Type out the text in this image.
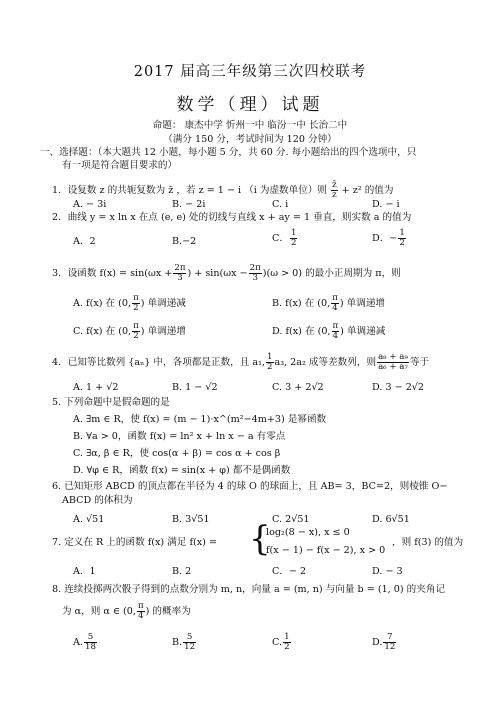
2017 届高三年级第三次四校联考
数学（理）试题
命题： 康杰中学 忻州一中 临汾一中 长治二中
（满分 150 分，考试时间为 120 分钟）
一、选择题：（本大题共 12 小题，每小题 5 分，共 60 分. 每小题给出的四个选项中，只
有一项是符合题目要求的）
1．设复数 z 的共轭复数为 z̄ ，若 z = 1 − i （i 为虚数单位）则 $\frac{z̄}{z} + z^2$ 的值为
A. − 3i	B. − 2i	C. i	D. − i
2．曲线 y = x ln x 在点 (e, e) 处的切线与直线 x + ay = 1 垂直，则实数 a 的值为
A．2	B.−2	C． $\frac{1}{2}$	D．− $\frac{1}{2}$
3．设函数 $f(x) = \sin(\omega x + \frac{2\pi}{3}$ ) + $\sin(\omega x - \frac{2\pi}{3} )(\omega > 0)$ 的最小正周期为 π，则
A. f(x) 在 (0, $\frac{\pi}{2}$ ) 单调递减	B. f(x) 在 (0, $\frac{\pi}{4}$ ) 单调递增
C. f(x) 在 (0, $\frac{\pi}{2}$ ) 单调递增	D. f(x) 在 (0, $\frac{\pi}{4}$ ) 单调递减
4．已知等比数列 {aₙ} 中，各项都是正数，且 a₁, $\frac{1}{2} a_3$, 2a₂ 成等差数列，则 $\frac{\text{a₈ + a₉}}{\text{a₆ + a₇}}$ 等于
A. 1 + √2	B. 1 − √2	C. 3 + 2√2	D. 3 − 2√2
5. 下列命题中是假命题的是
A. ∃m ∈ R，使 f(x) = (m − 1)·x^(m²−4m+3) 是幂函数
B. ∀a > 0，函数 f(x) = ln² x + ln x − a 有零点
C. ∃α, β ∈ R，使 cos(α + β) = cos α + cos β
D. ∀φ ∈ R，函数 f(x) = sin(x + φ) 都不是偶函数
6. 已知矩形 ABCD 的顶点都在半径为 4 的球 O 的球面上，且 AB= 3，BC=2，则棱锥 O−
ABCD 的体积为
A. √51	B. 3√51	C. 2√51	D. 6√51
7. 定义在 R 上的函数 f(x) 满足 f(x) = {
log₂(8 − x), x ≤ 0
f(x − 1) − f(x − 2), x > 0
，则 f(3) 的值为
A．1	B. 2	C．− 2	D. − 3
8. 连续投掷两次骰子得到的点数分别为 m, n，向量 a = (m, n) 与向量 b = (1, 0) 的夹角记
为 α，则 α ∈ (0, $\frac{\pi}{4}$ ) 的概率为
A. $\frac{5}{18}$	B. $\frac{5}{12}$	C. $\frac{1}{2}$	D. $\frac{7}{12}$
